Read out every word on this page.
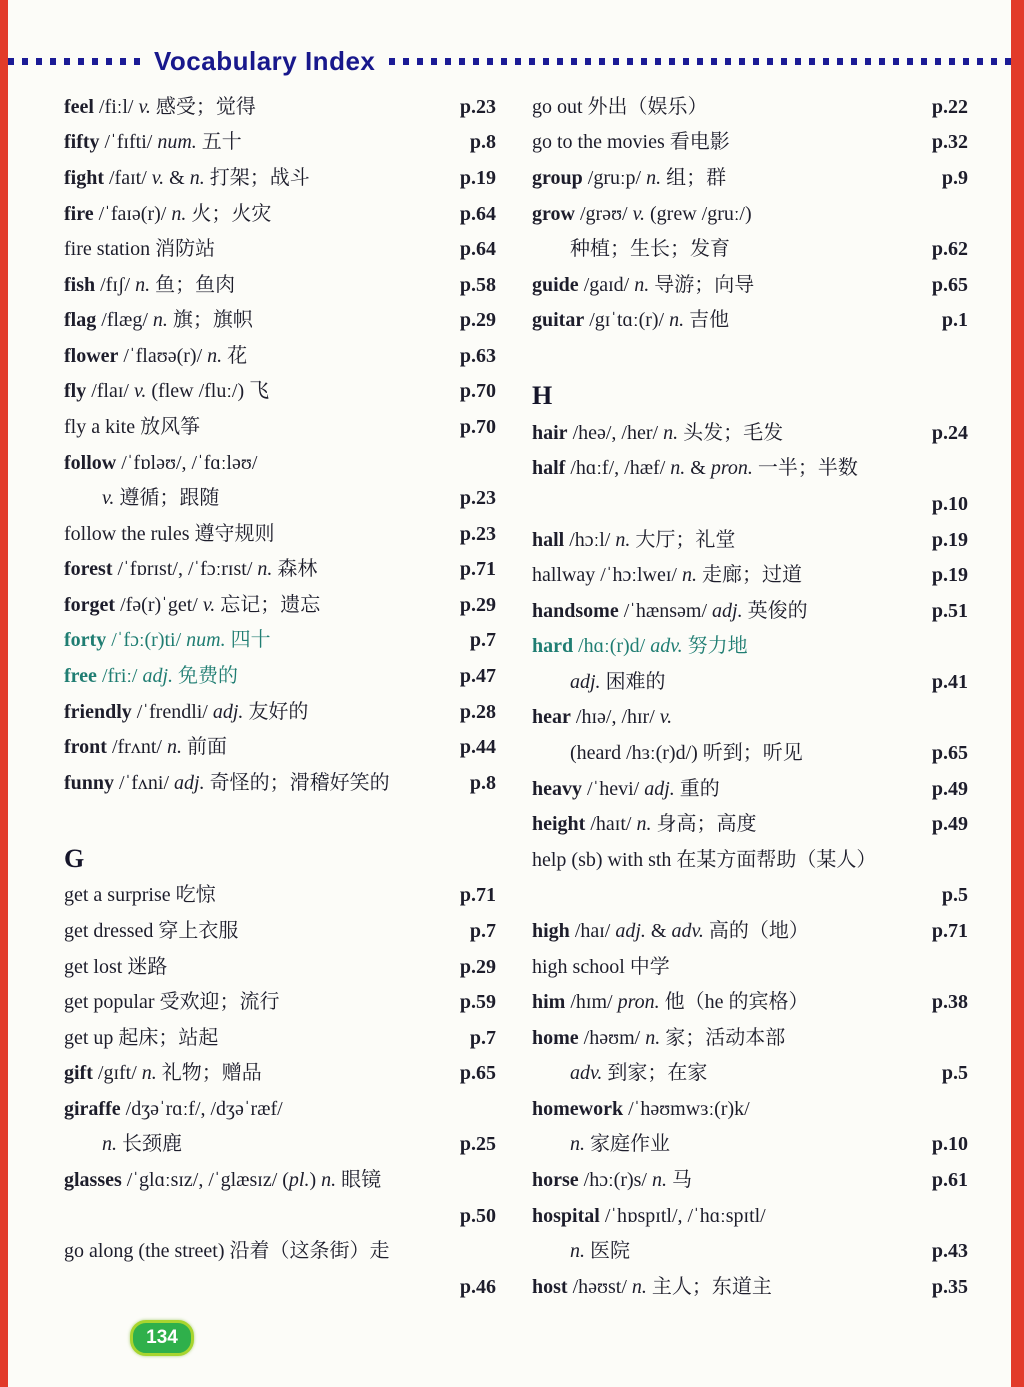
Vocabulary Index
feel /fiːl/ v. 感受；觉得	p.23
fifty /ˈfɪfti/ num. 五十	p.8
fight /faɪt/ v. & n. 打架；战斗	p.19
fire /ˈfaɪə(r)/ n. 火；火灾	p.64
fire station 消防站	p.64
fish /fɪʃ/ n. 鱼；鱼肉	p.58
flag /flæg/ n. 旗；旗帜	p.29
flower /ˈflaʊə(r)/ n. 花	p.63
fly /flaɪ/ v. (flew /fluː/) 飞	p.70
fly a kite 放风筝	p.70
follow /ˈfɒləʊ/, /ˈfɑːləʊ/
v. 遵循；跟随	p.23
follow the rules 遵守规则	p.23
forest /ˈfɒrɪst/, /ˈfɔːrɪst/ n. 森林	p.71
forget /fə(r)ˈget/ v. 忘记；遗忘	p.29
forty /ˈfɔː(r)ti/ num. 四十	p.7
free /friː/ adj. 免费的	p.47
friendly /ˈfrendli/ adj. 友好的	p.28
front /frʌnt/ n. 前面	p.44
funny /ˈfʌni/ adj. 奇怪的；滑稽好笑的	p.8
G
get a surprise 吃惊	p.71
get dressed 穿上衣服	p.7
get lost 迷路	p.29
get popular 受欢迎；流行	p.59
get up 起床；站起	p.7
gift /gɪft/ n. 礼物；赠品	p.65
giraffe /dʒəˈrɑːf/, /dʒəˈræf/
n. 长颈鹿	p.25
glasses /ˈglɑːsɪz/, /ˈglæsɪz/ (pl.) n. 眼镜
p.50
go along (the street) 沿着（这条街）走
p.46
go out 外出（娱乐）	p.22
go to the movies 看电影	p.32
group /gruːp/ n. 组；群	p.9
grow /grəʊ/ v. (grew /gruː/)
种植；生长；发育	p.62
guide /gaɪd/ n. 导游；向导	p.65
guitar /gɪˈtɑː(r)/ n. 吉他	p.1
H
hair /heə/, /her/ n. 头发；毛发	p.24
half /hɑːf/, /hæf/ n. & pron. 一半；半数
p.10
hall /hɔːl/ n. 大厅；礼堂	p.19
hallway /ˈhɔːlweɪ/ n. 走廊；过道	p.19
handsome /ˈhænsəm/ adj. 英俊的	p.51
hard /hɑː(r)d/ adv. 努力地
adj. 困难的	p.41
hear /hɪə/, /hɪr/ v.
(heard /hɜː(r)d/) 听到；听见	p.65
heavy /ˈhevi/ adj. 重的	p.49
height /haɪt/ n. 身高；高度	p.49
help (sb) with sth 在某方面帮助（某人）
p.5
high /haɪ/ adj. & adv. 高的（地）	p.71
high school 中学
him /hɪm/ pron. 他（he 的宾格）	p.38
home /həʊm/ n. 家；活动本部
adv. 到家；在家	p.5
homework /ˈhəʊmwɜː(r)k/
n. 家庭作业	p.10
horse /hɔː(r)s/ n. 马	p.61
hospital /ˈhɒspɪtl/, /ˈhɑːspɪtl/
n. 医院	p.43
host /həʊst/ n. 主人；东道主	p.35
134
